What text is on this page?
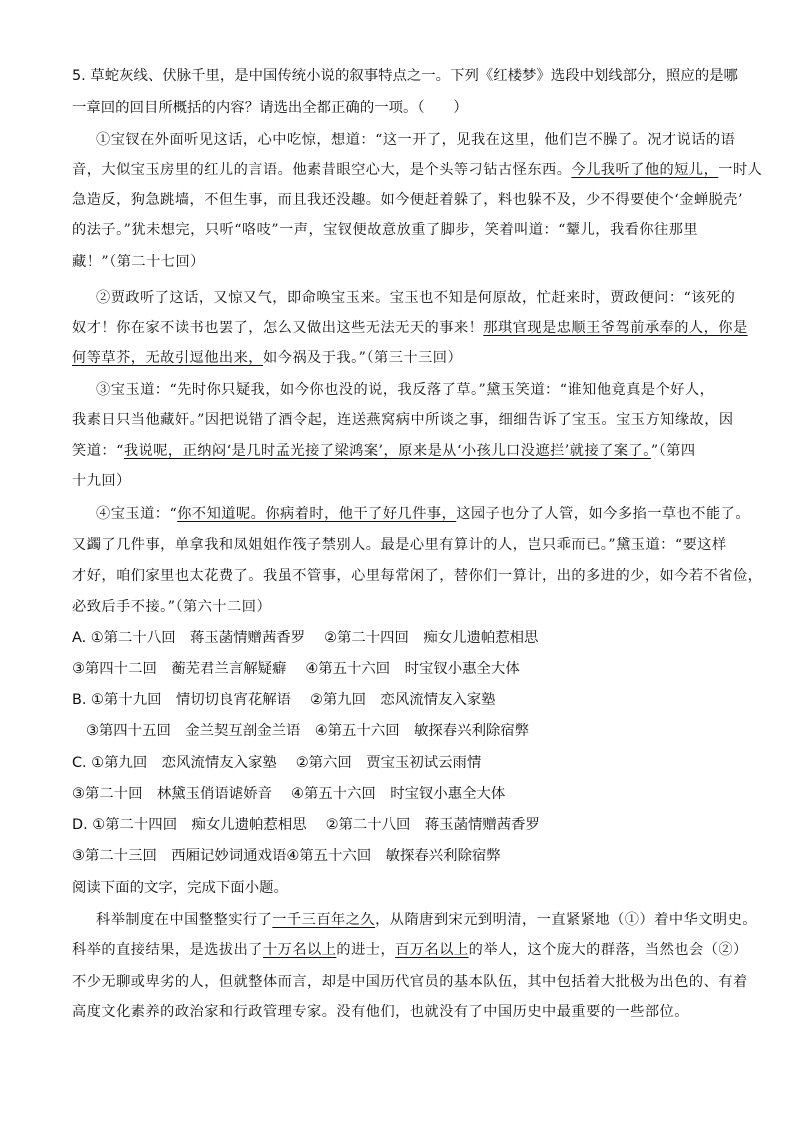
5. 草蛇灰线、伏脉千里，是中国传统小说的叙事特点之一。下列《红楼梦》选段中划线部分，照应的是哪
一章回的回目所概括的内容？请选出全都正确的一项。（　　）
①宝钗在外面听见这话，心中吃惊，想道：“这一开了，见我在这里，他们岂不臊了。况才说话的语
音，大似宝玉房里的红儿的言语。他素昔眼空心大，是个头等刁钻古怪东西。今儿我听了他的短儿，一时人
急造反，狗急跳墙，不但生事，而且我还没趣。如今便赶着躲了，料也躲不及，少不得要使个‘金蝉脱壳’
的法子。”犹未想完，只听“咯吱”一声，宝钗便故意放重了脚步，笑着叫道：“颦儿，我看你往那里
藏！”（第二十七回）
②贾政听了这话，又惊又气，即命唤宝玉来。宝玉也不知是何原故，忙赶来时，贾政便问：“该死的
奴才！你在家不读书也罢了，怎么又做出这些无法无天的事来！那琪官现是忠顺王爷驾前承奉的人，你是
何等草芥，无故引逗他出来，如今祸及于我。”（第三十三回）
③宝玉道：“先时你只疑我，如今你也没的说，我反落了草。”黛玉笑道：“谁知他竟真是个好人，
我素日只当他藏奸。”因把说错了酒令起，连送燕窝病中所谈之事，细细告诉了宝玉。宝玉方知缘故，因
笑道：“我说呢，正纳闷‘是几时孟光接了梁鸿案’，原来是从‘小孩儿口没遮拦’就接了案了。”（第四
十九回）
④宝玉道：“你不知道呢。你病着时，他干了好几件事，这园子也分了人管，如今多掐一草也不能了。
又蠲了几件事，单拿我和凤姐姐作筏子禁别人。最是心里有算计的人，岂只乖而已。”黛玉道：“要这样
才好，咱们家里也太花费了。我虽不管事，心里每常闲了，替你们一算计，出的多进的少，如今若不省俭，
必致后手不接。”（第六十二回）
A. ①第二十八回　蒋玉菡情赠茜香罗　 ②第二十四回　痴女儿遗帕惹相思
③第四十二回　蘅芜君兰言解疑癖　 ④第五十六回　时宝钗小惠全大体
B. ①第十九回　情切切良宵花解语　 ②第九回　恋风流情友入家塾
③第四十五回　金兰契互剖金兰语　④第五十六回　敏探春兴利除宿弊
C. ①第九回　恋风流情友入家塾　 ②第六回　贾宝玉初试云雨情
③第二十回　林黛玉俏语谑娇音　 ④第五十六回　时宝钗小惠全大体
D. ①第二十四回　痴女儿遗帕惹相思　 ②第二十八回　蒋玉菡情赠茜香罗
③第二十三回　西厢记妙词通戏语④第五十六回　敏探春兴利除宿弊
阅读下面的文字，完成下面小题。
科举制度在中国整整实行了一千三百年之久，从隋唐到宋元到明清，一直紧紧地（①）着中华文明史。
科举的直接结果，是选拔出了十万名以上的进士，百万名以上的举人，这个庞大的群落，当然也会（②）
不少无聊或卑劣的人，但就整体而言，却是中国历代官员的基本队伍，其中包括着大批极为出色的、有着
高度文化素养的政治家和行政管理专家。没有他们，也就没有了中国历史中最重要的一些部位。
